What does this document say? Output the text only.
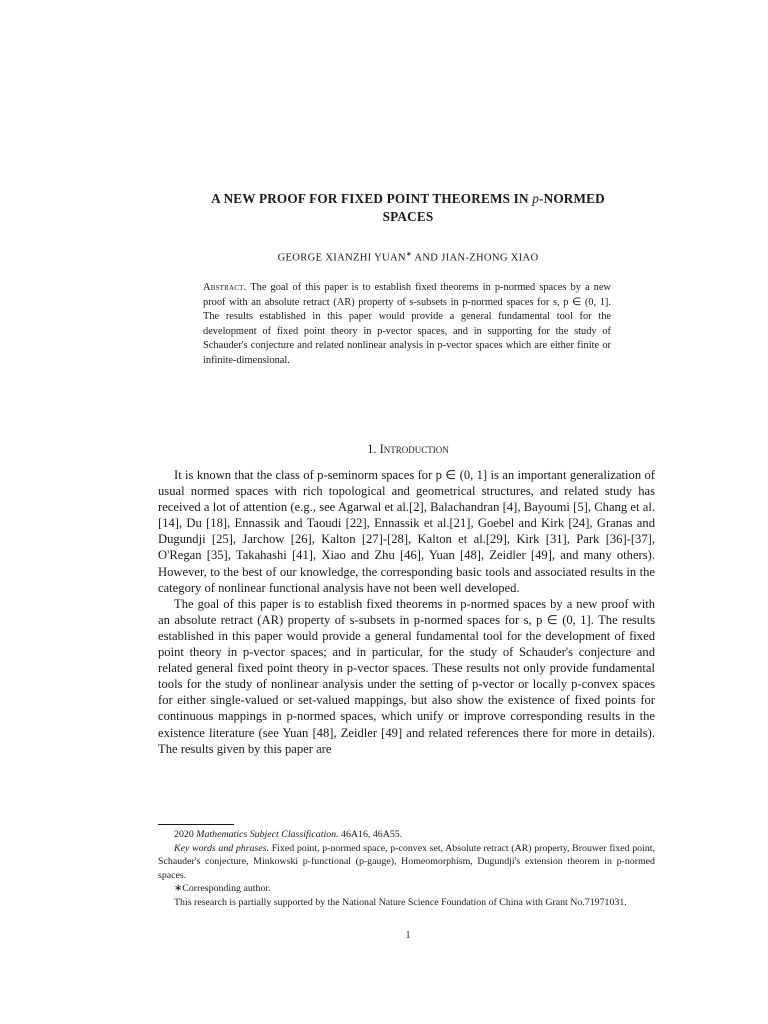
A NEW PROOF FOR FIXED POINT THEOREMS IN p-NORMED
SPACES
GEORGE XIANZHI YUAN∗ AND JIAN-ZHONG XIAO
Abstract. The goal of this paper is to establish fixed theorems in p-normed spaces by a new proof with an absolute retract (AR) property of s-subsets in p-normed spaces for s, p ∈ (0, 1]. The results established in this paper would provide a general fundamental tool for the development of fixed point theory in p-vector spaces, and in supporting for the study of Schauder's conjecture and related nonlinear analysis in p-vector spaces which are either finite or infinite-dimensional.
1. Introduction

It is known that the class of p-seminorm spaces for p ∈ (0, 1] is an important generalization of usual normed spaces with rich topological and geometrical structures, and related study has received a lot of attention (e.g., see Agarwal et al.[2], Balachandran [4], Bayoumi [5], Chang et al.[14], Du [18], Ennassik and Taoudi [22], Ennassik et al.[21], Goebel and Kirk [24], Granas and Dugundji [25], Jarchow [26], Kalton [27]-[28], Kalton et al.[29], Kirk [31], Park [36]-[37], O'Regan [35], Takahashi [41], Xiao and Zhu [46], Yuan [48], Zeidler [49], and many others). However, to the best of our knowledge, the corresponding basic tools and associated results in the category of nonlinear functional analysis have not been well developed.

The goal of this paper is to establish fixed theorems in p-normed spaces by a new proof with an absolute retract (AR) property of s-subsets in p-normed spaces for s, p ∈ (0, 1]. The results established in this paper would provide a general fundamental tool for the development of fixed point theory in p-vector spaces; and in particular, for the study of Schauder's conjecture and related general fixed point theory in p-vector spaces. These results not only provide fundamental tools for the study of nonlinear analysis under the setting of p-vector or locally p-convex spaces for either single-valued or set-valued mappings, but also show the existence of fixed points for continuous mappings in p-normed spaces, which unify or improve corresponding results in the existence literature (see Yuan [48], Zeidler [49] and related references there for more in details). The results given by this paper are

2020 Mathematics Subject Classification. 46A16, 46A55.

Key words and phrases. Fixed point, p-normed space, p-convex set, Absolute retract (AR) property, Brouwer fixed point, Schauder's conjecture, Minkowski p-functional (p-gauge), Homeomorphism, Dugundji's extension theorem in p-normed spaces.

∗Corresponding author.

This research is partially supported by the National Nature Science Foundation of China with Grant No.71971031.

1
